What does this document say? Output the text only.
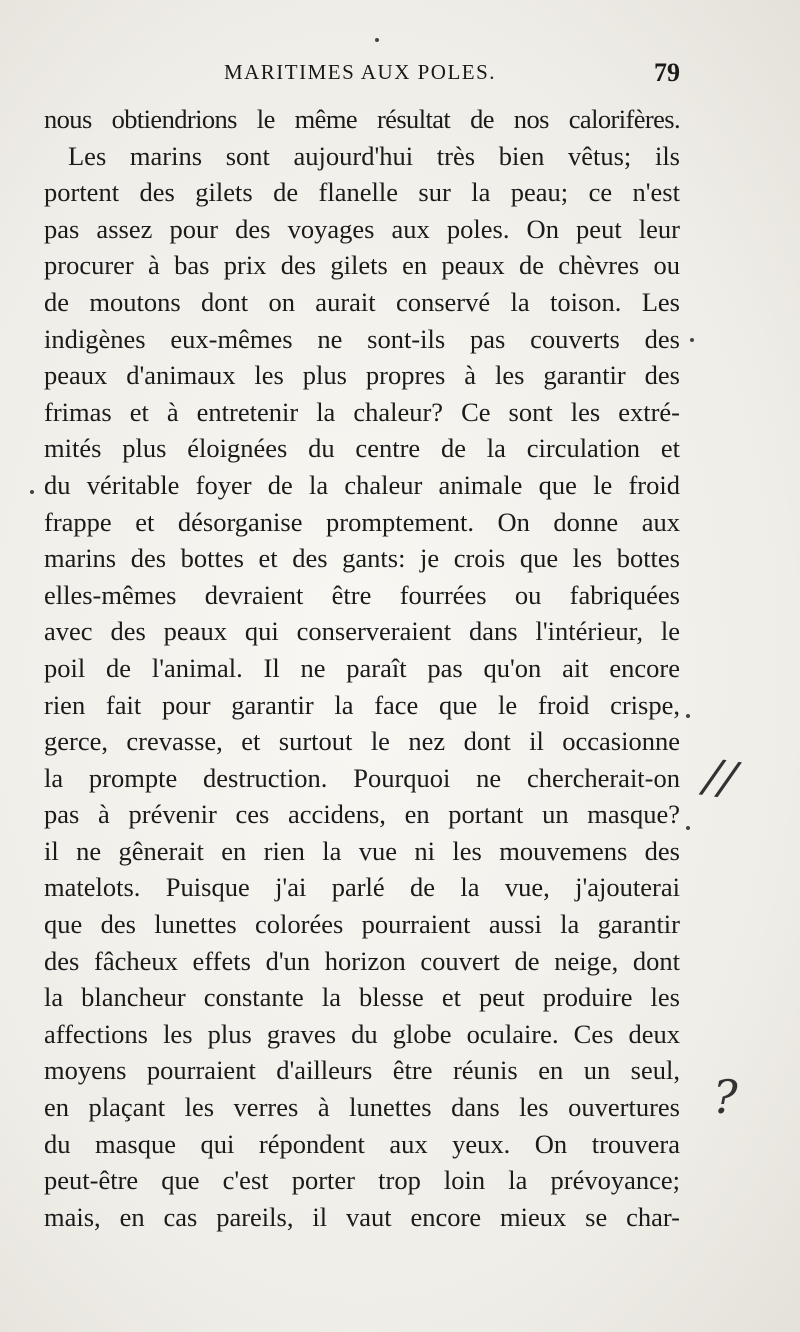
MARITIMES AUX POLES.	79
nous obtiendrions le même résultat de nos calorifères.
Les marins sont aujourd'hui très bien vêtus; ils
portent des gilets de flanelle sur la peau; ce n'est
pas assez pour des voyages aux poles. On peut leur
procurer à bas prix des gilets en peaux de chèvres ou
de moutons dont on aurait conservé la toison. Les
indigènes eux-mêmes ne sont-ils pas couverts des
peaux d'animaux les plus propres à les garantir des
frimas et à entretenir la chaleur? Ce sont les extré-
mités plus éloignées du centre de la circulation et
du véritable foyer de la chaleur animale que le froid
frappe et désorganise promptement. On donne aux
marins des bottes et des gants: je crois que les bottes
elles-mêmes devraient être fourrées ou fabriquées
avec des peaux qui conserveraient dans l'intérieur, le
poil de l'animal. Il ne paraît pas qu'on ait encore
rien fait pour garantir la face que le froid crispe,
gerce, crevasse, et surtout le nez dont il occasionne
la prompte destruction. Pourquoi ne chercherait-on
pas à prévenir ces accidens, en portant un masque?
il ne gênerait en rien la vue ni les mouvemens des
matelots. Puisque j'ai parlé de la vue, j'ajouterai
que des lunettes colorées pourraient aussi la garantir
des fâcheux effets d'un horizon couvert de neige, dont
la blancheur constante la blesse et peut produire les
affections les plus graves du globe oculaire. Ces deux
moyens pourraient d'ailleurs être réunis en un seul,
en plaçant les verres à lunettes dans les ouvertures
du masque qui répondent aux yeux. On trouvera
peut-être que c'est porter trop loin la prévoyance;
mais, en cas pareils, il vaut encore mieux se char-
//
?
